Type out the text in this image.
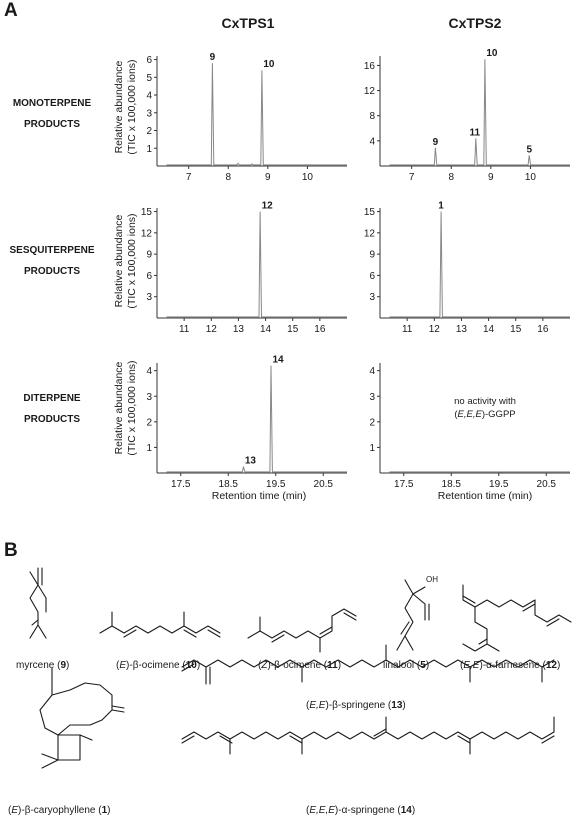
A
CxTPS1	CxTPS2
MONOTERPENE
PRODUCTS
SESQUITERPENE
PRODUCTS
DITERPENE
PRODUCTS
Relative abundance (TIC x 100,000 ions)
Relative abundance (TIC x 100,000 ions)
Relative abundance (TIC x 100,000 ions)
7	8	9	10
1
2
3
4
5
6	9
10
7	8	9	10
4
8
12
16
9
11
10
5
11 12 13 14 15 16
3
6
9
12
15
12
11 12 13 14 15 16
3
6
9
12
15
1
17.5	18.5	19.5	20.5
1
2
3
4
13
14
17.5	18.5	19.5	20.5
1
2
3
4
Retention time (min)	Retention time (min)
no activity with
(E,E,E)-GGPP
B
OH
myrcene (9)	(E)-β-ocimene (10)	(Z)-β-ocimene (11)	linalool (5)	(E,E)-α-farnesene (12)
(E)-β-caryophyllene (1)
(E,E)-β-springene (13)
(E,E,E)-α-springene (14)
